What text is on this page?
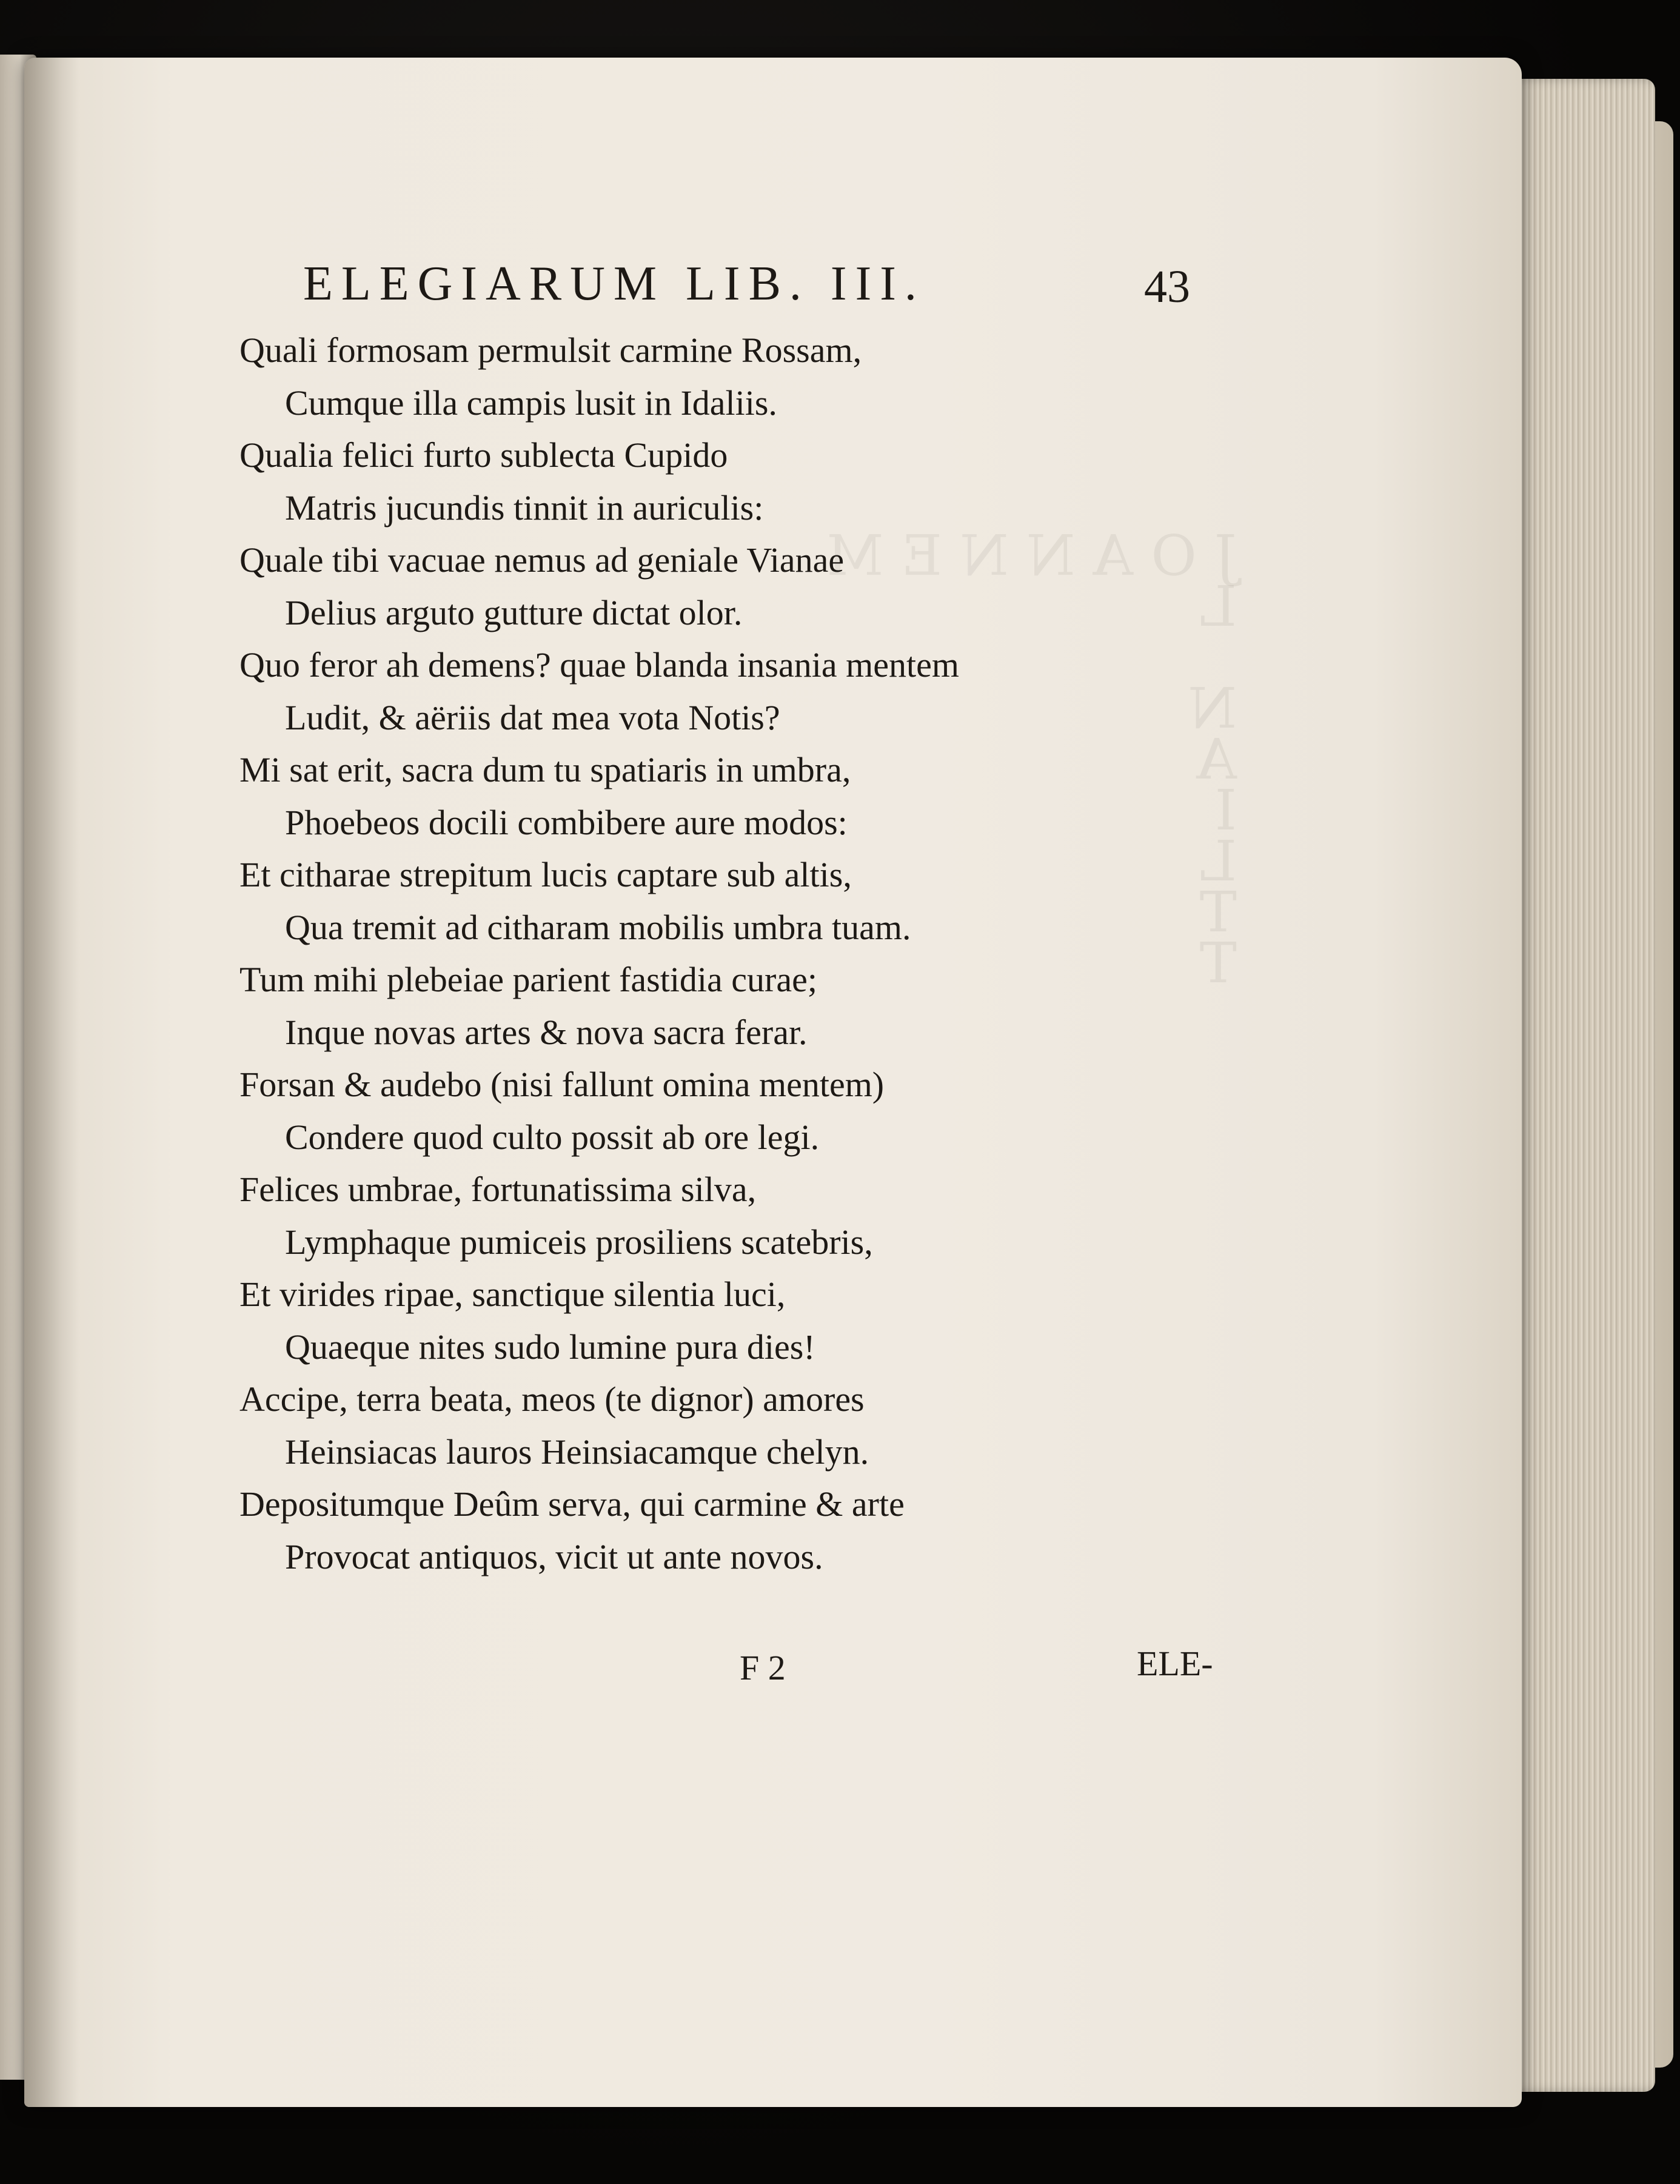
J O A N N E M
L

N
A
I
L
T
T
ELEGIARUM LIB. III.	43
Quali formosam permulsit carmine Rossam,
Cumque illa campis lusit in Idaliis.
Qualia felici furto sublecta Cupido
Matris jucundis tinnit in auriculis:
Quale tibi vacuae nemus ad geniale Vianae
Delius arguto gutture dictat olor.
Quo feror ah demens? quae blanda insania mentem
Ludit, & aëriis dat mea vota Notis?
Mi sat erit, sacra dum tu spatiaris in umbra,
Phoebeos docili combibere aure modos:
Et citharae strepitum lucis captare sub altis,
Qua tremit ad citharam mobilis umbra tuam.
Tum mihi plebeiae parient fastidia curae;
Inque novas artes & nova sacra ferar.
Forsan & audebo (nisi fallunt omina mentem)
Condere quod culto possit ab ore legi.
Felices umbrae, fortunatissima silva,
Lymphaque pumiceis prosiliens scatebris,
Et virides ripae, sanctique silentia luci,
Quaeque nites sudo lumine pura dies!
Accipe, terra beata, meos (te dignor) amores
Heinsiacas lauros Heinsiacamque chelyn.
Depositumque Deûm serva, qui carmine & arte
Provocat antiquos, vicit ut ante novos.
F 2	ELE-
